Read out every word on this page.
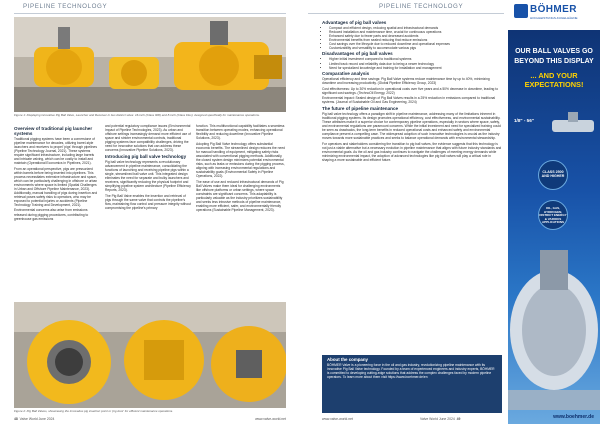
PIPELINE TECHNOLOGY
Figure 1: Displaying innovative Pig Ball Valve, Launcher and Receiver in two distinct sizes: 16-inch (Class 900) and 8-inch (Class Flex), designed specifically for maintenance operations.
Overview of traditional pig launcher systems

Traditional pigging systems have been a cornerstone of pipeline maintenance for decades, utilizing barrel-style launchers and receivers to propel 'pigs' through pipelines (Pipeline Technology Journal, 2021). These systems require significant infrastructure, including large barrels and intricate valving, which can be costly to install and maintain (Operational Economics in Pipelines, 2021).

From an operational perspective, pigs are pressurized within barrels before being inserted into pipelines. This process necessitates extensive infrastructure and space, which can be particularly challenging in offshore or urban environments where space is limited (Spatial Challenges in Urban and Offshore Pipeline Maintenance, 2023). Additionally, manual handling of pigs during insertion and retrieval poses safety risks to operators, who may be exposed to potential injuries or accidents (Pipeline Technology Training and Development, 2021).

Environmental concerns also arise from emissions released during pigging procedures, contributing to greenhouse gas emissions

and potential regulatory compliance issues (Environmental Impact of Pipeline Technologies, 2023). As urban and offshore settings increasingly demand more efficient use of space and stricter environmental controls, traditional pigging systems face compatibility challenges, driving the need for innovative solutions that can address these concerns (Innovative Pipeline Solutions, 2023).

Introducing pig ball valve technology

Pig ball valve technology represents a revolutionary advancement in pipeline maintenance, consolidating the functions of launching and receiving pipeline pigs within a single, streamlined ball valve unit. This integrated design eliminates the need for separate and bulky launchers and receivers, significantly reducing the physical footprint and simplifying pipeline system architecture (Pipeline Efficiency Reports, 2023).

The Pig Ball Valve enables the insertion and retrieval of pigs through the same valve that controls the pipeline's flow, maintaining flow control and pressure integrity without compromising the pipeline's primary

function. This multifunctional capability facilitates a seamless transition between operating modes, enhancing operational flexibility and reducing downtime (Innovative Pipeline Solutions, 2023).

Adopting Pig Ball Valve technology offers substantial economic benefits. The streamlined design reduces the need for manual handling of equipment, mitigating safety risks associated with conventional pigging methods. Additionally, the closed system design minimizes potential environmental risks, such as leaks or emissions during the pigging process, aligning with increasing environmental regulations and sustainability goals (Environmental Safety in Pipeline Operations, 2022).

The ease of use and reduced infrastructural demands of Pig Ball Valves make them ideal for challenging environments like offshore platforms or urban settings, where space constraints are significant concerns. This adaptability is particularly valuable as the industry prioritizes sustainability and seeks less intrusive methods of pipeline maintenance, enabling more efficient, safer, and environmentally friendly operations (Sustainable Pipeline Management, 2023).

Figure 2: Pig Ball Valves, showcasing the innovative pig insertion point or 'pig door' for efficient maintenance operations.
48 Valve World June 2024	www.valve-world.net
PIPELINE TECHNOLOGY
Advantages of pig ball valves
• Compact and efficient design, reducing spatial and infrastructural demands
• Reduced installation and maintenance time, crucial for continuous operations
• Enhanced safety due to fewer parts and decreased accidents
• Environmental benefits from sealed reducing that reduce emissions
• Cost savings over the lifecycle due to reduced downtime and operational expenses
• Customizability and versatility to accommodate various pigs
Disadvantages of pig ball valves
• Higher initial investment compared to traditional systems
• Limited track record and reliability data due to being a newer technology
• Need for specialized knowledge and training for installation and management
Comparative analysis

Operational efficiency and time savings: Pig Ball Valve systems reduce maintenance time by up to 40%, minimizing downtime and increasing productivity. (Global Pipeline Efficiency Group, 2023)

Cost effectiveness: Up to 30% reduction in operational costs over five years and a 50% decrease in downtime, leading to significant cost savings. (TechnoOil Energy, 2022)

Environmental impact: Sealed design of Pig Ball Valves results in a 25% reduction in emissions compared to traditional systems. (Journal of Sustainable Oil and Gas Engineering, 2024)

The future of pipeline maintenance

Pig ball valve technology offers a paradigm shift in pipeline maintenance, addressing many of the limitations inherent in traditional pigging systems. Its design promotes operational efficiency, cost effectiveness, and environmental sustainability. These attributes make it a superior choice for contemporary pipeline operations, especially in sectors where space, safety, and environmental regulations are paramount concerns. While the initial investment and need for specialized training could be seen as drawbacks, the long-term benefits in reduced operational costs and enhanced safety and environmental compliance present a compelling case. The widespread adoption of such innovative technologies is crucial as the industry moves towards more sustainable practices and seeks to balance operational demands with environmental stewardship.

For operators and stakeholders considering the transition to pig ball valves, the evidence suggests that this technology is not just a viable alternative but a necessary evolution in pipeline maintenance that aligns with future industry standards and environmental goals. As the oil and gas industry continues to navigate the challenges of meeting energy demands while minimizing environmental impact, the adoption of advanced technologies like pig ball valves will play a critical role in shaping a more sustainable and efficient future.

About the company
BÖHMER Valve is a pioneering force in the oil and gas industry, revolutionizing pipeline maintenance with its innovative Pig Ball Valve technology. Founded by a team of experienced engineers and industry experts, BÖHMER is committed to developing cutting-edge solutions that address the complex challenges faced by modern pipeline operators. To learn more about them visit https://www.boehmer.de/en
www.valve-world.net	Valve World June 2024 49
BÖHMER
HOCHLEISTUNGS-KUGELHÄHNE
OUR BALL VALVES GO
BEYOND THIS DISPLAY
... AND YOUR EXPECTATIONS!
1/8" - 56"
CLASS 2500 AND HIGHER
OIL, GAS, HYDROGEN, DISTRICT ENERGY & VARIOUS APPLICATIONS
www.boehmer.de
